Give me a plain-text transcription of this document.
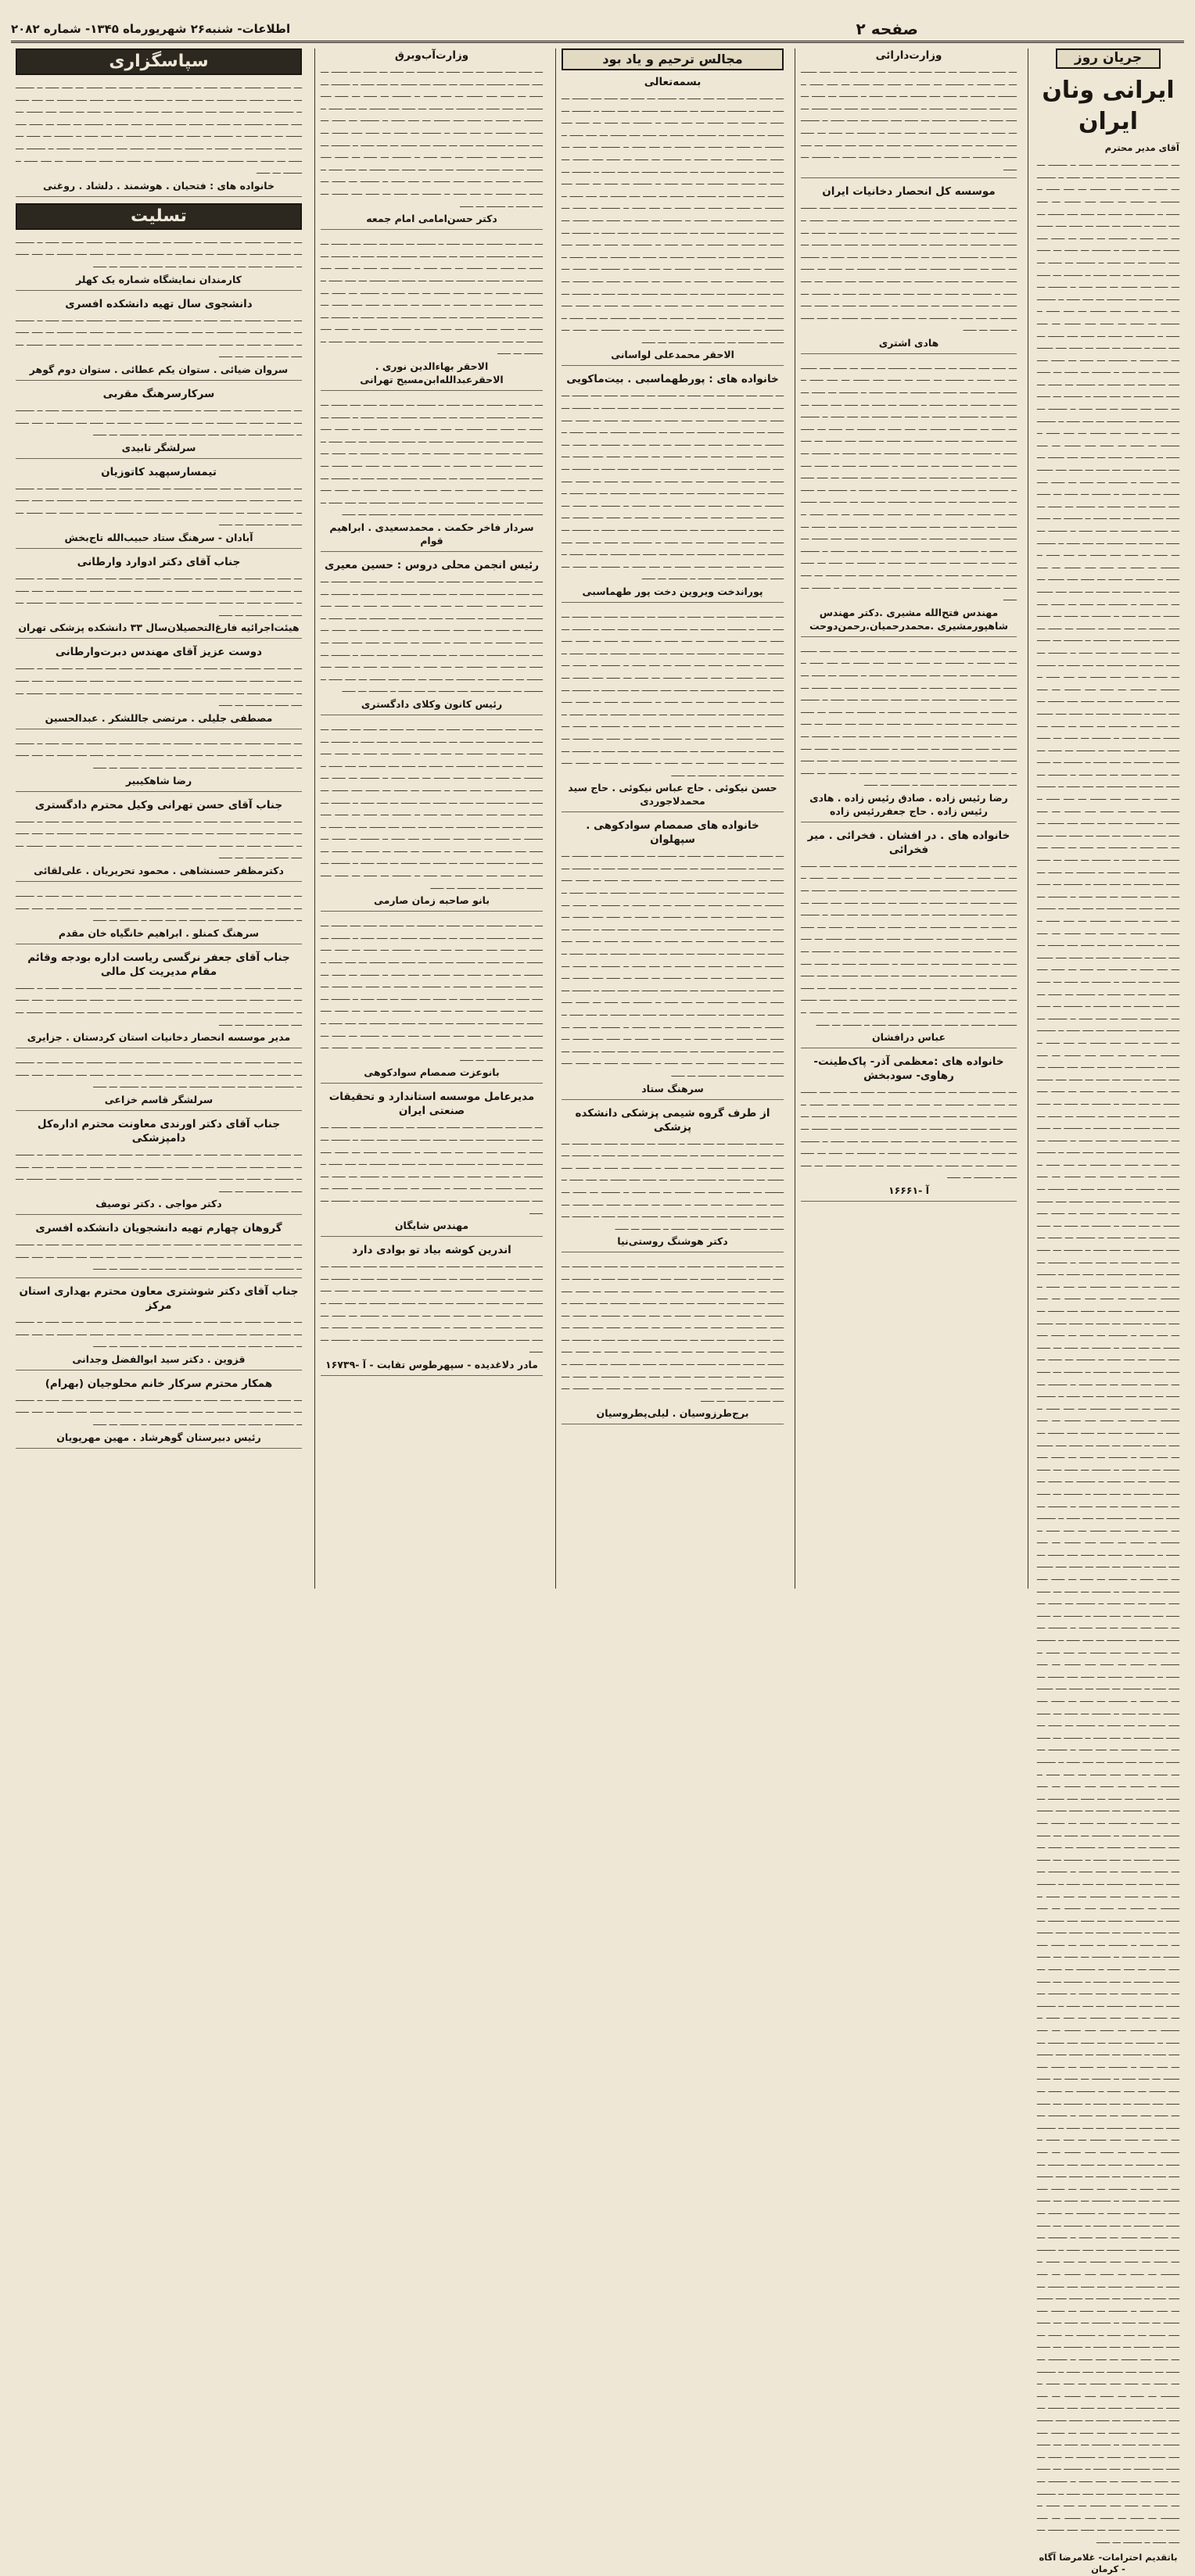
صفحه ۲
اطلاعات- شنبه۲۶ شهریورماه ۱۳۴۵- شماره ۲۰۸۲
جریان روز
ایرانی ونان ایران
آقای مدیر محترم
ـــ ـــــ ــــ ــــــ ـــ ــــ ـــــ ــ ـــــــ ـــ ـــــ ـــ ـــــ ــــ ــــــ ـــ ــــ ـــــ ــ ـــــــ ـــ ـــــ ـــ ـــــ ــــ ــــــ ـــ ــــ ـــــ ــ ـــــــ ـــ ـــــ ـــ ـــــ ــــ ــــــ ـــ ــــ ـــــ ــ ـــــــ ـــ ـــــ ـــ ـــــ ــــ ــــــ ـــ ــــ ـــــ ــ ـــــــ ـــ ـــــ ـــ ـــــ ــــ ــــــ ـــ ــــ ـــــ ــ ـــــــ ـــ ـــــ ـــ ـــــ ــــ ــــــ ـــ ــــ ـــــ ــ ـــــــ ـــ ـــــ ـــ ـــــ ــــ ــــــ ـــ ــــ ـــــ ــ ـــــــ ـــ ـــــ ـــ ـــــ ــــ ــــــ ـــ ــــ ـــــ ــ ـــــــ ـــ ـــــ ـــ ـــــ ــــ ــــــ ـــ ــــ ـــــ ــ ـــــــ ـــ ـــــ ـــ ـــــ ــــ ــــــ ـــ ــــ ـــــ ــ ـــــــ ـــ ـــــ ـــ ـــــ ــــ ــــــ ـــ ــــ ـــــ ــ ـــــــ ـــ ـــــ ـــ ـــــ ــــ ــــــ ـــ ــــ ـــــ ــ ـــــــ ـــ ـــــ ـــ ـــــ ــــ ــــــ ـــ ــــ ـــــ ــ ـــــــ ـــ ـــــ ـــ ـــــ ــــ ــــــ ـــ ــــ ـــــ ــ ـــــــ ـــ ـــــ ـــ ـــــ ــــ ــــــ ـــ ــــ ـــــ ــ ـــــــ ـــ ـــــ ـــ ـــــ ــــ ــــــ ـــ ــــ ـــــ ــ ـــــــ ـــ ـــــ ـــ ـــــ ــــ ــــــ ـــ ــــ ـــــ ــ ـــــــ ـــ ـــــ ـــ ـــــ ــــ ــــــ ـــ ــــ ـــــ ــ ـــــــ ـــ ـــــ ـــ ـــــ ــــ ــــــ ـــ ــــ ـــــ ــ ـــــــ ـــ ـــــ ـــ ـــــ ــــ ــــــ ـــ ــــ ـــــ ــ ـــــــ ـــ ـــــ ـــ ـــــ ــــ ــــــ ـــ ــــ ـــــ ــ ـــــــ ـــ ـــــ ـــ ـــــ ــــ ــــــ ـــ ــــ ـــــ ــ ـــــــ ـــ ـــــ ـــ ـــــ ــــ ــــــ ـــ ــــ ـــــ ــ ـــــــ ـــ ـــــ ـــ ـــــ ــــ ــــــ ـــ ــــ ـــــ ــ ـــــــ ـــ ـــــ ـــ ـــــ ــــ ــــــ ـــ ــــ ـــــ ــ ـــــــ ـــ ـــــ ـــ ـــــ ــــ ــــــ ـــ ــــ ـــــ ــ ـــــــ ـــ ـــــ ـــ ـــــ ــــ ــــــ ـــ ــــ ـــــ ــ ـــــــ ـــ ـــــ ـــ ـــــ ــــ ــــــ ـــ ــــ ـــــ ــ ـــــــ ـــ ـــــ ـــ ـــــ ــــ ــــــ ـــ ــــ ـــــ ــ ـــــــ ـــ ـــــ ـــ ـــــ ــــ ــــــ ـــ ــــ ـــــ ــ ـــــــ ـــ ـــــ ـــ ـــــ ــــ ــــــ ـــ ــــ ـــــ ــ ـــــــ ـــ ـــــ ـــ ـــــ ــــ ــــــ ـــ ــــ ـــــ ــ ـــــــ ـــ ـــــ ـــ ـــــ ــــ ــــــ ـــ ــــ ـــــ ــ ـــــــ ـــ ـــــ ـــ ـــــ ــــ ــــــ ـــ ــــ ـــــ ــ ـــــــ ـــ ـــــ ـــ ـــــ ــــ ــــــ ـــ ــــ ـــــ ــ ـــــــ ـــ ـــــ ـــ ـــــ ــــ ــــــ ـــ ــــ ـــــ ــ ـــــــ ـــ ـــــ ـــ ـــــ ــــ ــــــ ـــ ــــ ـــــ ــ ـــــــ ـــ ـــــ ـــ ـــــ ــــ ــــــ ـــ ــــ ـــــ ــ ـــــــ ـــ ـــــ ـــ ـــــ ــــ ــــــ ـــ ــــ ـــــ ــ ـــــــ ـــ ـــــ ـــ ـــــ ــــ ــــــ ـــ ــــ ـــــ ــ ـــــــ ـــ ـــــ ـــ ـــــ ــــ ــــــ ـــ ــــ ـــــ ــ ـــــــ ـــ ـــــ ـــ ـــــ ــــ ــــــ ـــ ــــ ـــــ ــ ـــــــ ـــ ـــــ ـــ ـــــ ــــ ــــــ ـــ ــــ ـــــ ــ ـــــــ ـــ ـــــ ـــ ـــــ ــــ ــــــ ـــ ــــ ـــــ ــ ـــــــ ـــ ـــــ ـــ ـــــ ــــ ــــــ ـــ ــــ ـــــ ــ ـــــــ ـــ ـــــ ـــ ـــــ ــــ ــــــ ـــ ــــ ـــــ ــ ـــــــ ـــ ـــــ ـــ ـــــ ــــ ــــــ ـــ ــــ ـــــ ــ ـــــــ ـــ ـــــ ـــ ـــــ ــــ ــــــ ـــ ــــ ـــــ ــ ـــــــ ـــ ـــــ ـــ ـــــ ــــ ــــــ ـــ ــــ ـــــ ــ ـــــــ ـــ ـــــ ـــ ـــــ ــــ ــــــ ـــ ــــ ـــــ ــ ـــــــ ـــ ـــــ ـــ ـــــ ــــ ــــــ ـــ ــــ ـــــ ــ ـــــــ ـــ ـــــ ـــ ـــــ ــــ ــــــ ـــ ــــ ـــــ ــ ـــــــ ـــ ـــــ ـــ ـــــ ــــ ــــــ ـــ ــــ ـــــ ــ ـــــــ ـــ ـــــ ـــ ـــــ ــــ ــــــ ـــ ــــ ـــــ ــ ـــــــ ـــ ـــــ ـــ ـــــ ــــ ــــــ ـــ ــــ ـــــ ــ ـــــــ ـــ ـــــ ـــ ـــــ ــــ ــــــ ـــ ــــ ـــــ ــ ـــــــ ـــ ـــــ ـــ ـــــ ــــ ــــــ ـــ ــــ ـــــ ــ ـــــــ ـــ ـــــ ـــ ـــــ ــــ ــــــ ـــ ــــ ـــــ ــ ـــــــ ـــ ـــــ ـــ ـــــ ــــ ــــــ ـــ ــــ ـــــ ــ ـــــــ ـــ ـــــ ـــ ـــــ ــــ ــــــ ـــ ــــ ـــــ ــ ـــــــ ـــ ـــــ ـــ ـــــ ــــ ــــــ ـــ ــــ ـــــ ــ ـــــــ ـــ ـــــ ـــ ـــــ ــــ ــــــ ـــ ــــ ـــــ ــ ـــــــ ـــ ـــــ ـــ ـــــ ــــ ــــــ ـــ ــــ ـــــ ــ ـــــــ ـــ ـــــ ـــ ـــــ ــــ ــــــ ـــ ــــ ـــــ ــ ـــــــ ـــ ـــــ ـــ ـــــ ــــ ــــــ ـــ ــــ ـــــ ــ ـــــــ ـــ ـــــ ـــ ـــــ ــــ ــــــ ـــ ــــ ـــــ ــ ـــــــ ـــ ـــــ ـــ ـــــ ــــ ــــــ ـــ ــــ ـــــ ــ ـــــــ ـــ ـــــ ـــ ـــــ ــــ ــــــ ـــ ــــ ـــــ ــ ـــــــ ـــ ـــــ ـــ ـــــ ــــ ــــــ ـــ ــــ ـــــ ــ ـــــــ ـــ ـــــ ـــ ـــــ ــــ ــــــ ـــ ــــ ـــــ ــ ـــــــ ـــ ـــــ ـــ ـــــ ــــ ــــــ ـــ ــــ ـــــ ــ ـــــــ ـــ ـــــ ـــ ـــــ ــــ ــــــ ـــ ــــ ـــــ ــ ـــــــ ـــ ـــــ ـــ ـــــ ــــ ــــــ ـــ ــــ ـــــ ــ ـــــــ ـــ ـــــ ـــ ـــــ ــــ ــــــ ـــ ــــ ـــــ ــ ـــــــ ـــ ـــــ ـــ ـــــ ــــ ــــــ ـــ ــــ ـــــ ــ ـــــــ ـــ ـــــ ـــ ـــــ ــــ ــــــ ـــ ــــ ـــــ ــ ـــــــ ـــ ـــــ ـــ ـــــ ــــ ــــــ ـــ ــــ ـــــ ــ ـــــــ ـــ ـــــ ـــ ـــــ ــــ ــــــ ـــ ــــ ـــــ ــ ـــــــ ـــ ـــــ ـــ ـــــ ــــ ــــــ ـــ ــــ ـــــ ــ ـــــــ ـــ ـــــ ـــ ـــــ ــــ ــــــ ـــ ــــ ـــــ ــ ـــــــ ـــ ـــــ ـــ ـــــ ــــ ــــــ ـــ ــــ ـــــ ــ ـــــــ ـــ ـــــ ـــ ـــــ ــــ ــــــ ـــ ــــ ـــــ ــ ـــــــ ـــ ـــــ ـــ ـــــ ــــ ــــــ ـــ ــــ ـــــ ــ ـــــــ ـــ ـــــ ـــ ـــــ ــــ ــــــ ـــ ــــ ـــــ ــ ـــــــ ـــ ـــــ ـــ ـــــ ــــ ــــــ ـــ ــــ ـــــ ــ ـــــــ ـــ ـــــ ـــ ـــــ ــــ ــــــ ـــ ــــ ـــــ ــ ـــــــ ـــ ـــــ ـــ ـــــ ــــ ــــــ ـــ ــــ ـــــ ــ ـــــــ ـــ ـــــ ـــ ـــــ ــــ ــــــ ـــ ــــ ـــــ ــ ـــــــ ـــ ـــــ ـــ ـــــ ــــ ــــــ ـــ ــــ ـــــ ــ ـــــــ ـــ ـــــ ـــ ـــــ ــــ ــــــ ـــ ــــ ـــــ ــ ـــــــ ـــ ـــــ ـــ ـــــ ــــ ــــــ ـــ ــــ ـــــ ــ ـــــــ ـــ ـــــ ـــ ـــــ ــــ ــــــ ـــ ــــ ـــــ ــ ـــــــ ـــ ـــــ ـــ ـــــ ــــ ــــــ ـــ ــــ ـــــ ــ ـــــــ ـــ ـــــ ـــ ـــــ ــــ ــــــ ـــ ــــ ـــــ ــ ـــــــ ـــ ـــــ ـــ ـــــ ــــ ــــــ ـــ ــــ ـــــ ــ ـــــــ ـــ ـــــ ـــ ـــــ ــــ ــــــ ـــ ــــ ـــــ ــ ـــــــ ـــ ـــــ ـــ ـــــ ــــ ــــــ ـــ ــــ ـــــ ــ ـــــــ ـــ ـــــ ـــ ـــــ ــــ ــــــ ـــ ــــ ـــــ ــ ـــــــ ـــ ـــــ ـــ ـــــ ــــ ــــــ ـــ ــــ ـــــ ــ ـــــــ ـــ ـــــ ـــ ـــــ ــــ ــــــ ـــ ــــ ـــــ ــ ـــــــ ـــ ـــــ ـــ ـــــ ــــ ــــــ ـــ ــــ ـــــ ــ ـــــــ ـــ ـــــ ـــ ـــــ ــــ ــــــ ـــ ــــ ـــــ ــ ـــــــ ـــ ـــــ ـــ ـــــ ــــ ــــــ ـــ ــــ ـــــ ــ ـــــــ ـــ ـــــ ـــ ـــــ ــــ ــــــ ـــ ــــ ـــــ ــ ـــــــ ـــ ـــــ ـــ ـــــ ــــ ــــــ ـــ ــــ ـــــ ــ ـــــــ ـــ ـــــ ـــ ـــــ ــــ ــــــ ـــ ــــ ـــــ ــ ـــــــ ـــ ـــــ ـــ ـــــ ــــ ــــــ ـــ ــــ ـــــ ــ ـــــــ ـــ ـــــ ـــ ـــــ ــــ ــــــ ـــ ــــ ـــــ ــ ـــــــ ـــ ـــــ ـــ ـــــ ــــ ــــــ ـــ ــــ ـــــ ــ ـــــــ ـــ ـــــ ـــ ـــــ ــــ ــــــ ـــ ــــ ـــــ ــ ـــــــ ـــ ـــــ ـــ ـــــ ــــ ــــــ ـــ ــــ ـــــ ــ ـــــــ ـــ ـــــ ـــ ـــــ ــــ ــــــ ـــ ــــ ـــــ ــ ـــــــ ـــ ـــــ ـــ ـــــ ــــ ــــــ ـــ ــــ ـــــ ــ ـــــــ ـــ ـــــ ـــ ـــــ ــــ ــــــ ـــ ــــ ـــــ ــ ـــــــ ـــ ـــــ ـــ ـــــ ــــ ــــــ ـــ ــــ ـــــ ــ ـــــــ ـــ ـــــ ـــ ـــــ ــــ ــــــ ـــ ــــ ـــــ ــ ـــــــ ـــ ـــــ ـــ ـــــ ــــ ــــــ ـــ ــــ ـــــ ــ ـــــــ ـــ ـــــ ـــ ـــــ ــــ ــــــ ـــ ــــ ـــــ ــ ـــــــ ـــ ـــــ ـــ ـــــ ــــ ــــــ ـــ ــــ ـــــ ــ ـــــــ ـــ ـــــ ـــ ـــــ ــــ ــــــ ـــ ــــ ـــــ ــ ـــــــ ـــ ـــــ ـــ ـــــ ــــ ــــــ ـــ ــــ ـــــ ــ ـــــــ ـــ ـــــ ـــ ـــــ ــــ ــــــ ـــ ــــ ـــــ ــ ـــــــ ـــ ـــــ ـــ ـــــ ــــ ــــــ ـــ ــــ ـــــ ــ ـــــــ ـــ ـــــ ـــ ـــــ ــــ ــــــ ـــ ــــ ـــــ ــ ـــــــ ـــ ـــــ ـــ ـــــ ــــ ــــــ ـــ ــــ ـــــ ــ ـــــــ ـــ ـــــ ـــ ـــــ ــــ ــــــ ـــ ــــ ـــــ ــ ـــــــ ـــ ـــــ ـــ ـــــ ــــ ــــــ ـــ ــــ ـــــ ــ ـــــــ ـــ ـــــ ـــ ـــــ ــــ ــــــ ـــ ــــ ـــــ ــ ـــــــ ـــ ـــــ ـــ ـــــ ــــ ــــــ ـــ ــــ ـــــ ــ ـــــــ ـــ ـــــ ـــ ـــــ ــــ ــــــ ـــ ــــ ـــــ ــ ـــــــ ـــ ـــــ ـــ ـــــ ــــ ــــــ ـــ ــــ ـــــ ــ ـــــــ ـــ ـــــ ـــ ـــــ ــــ ــــــ ـــ ــــ ـــــ ــ ـــــــ ـــ ـــــ ـــ ـــــ ــــ ــــــ ـــ ــــ ـــــ ــ ـــــــ ـــ ـــــ ـــ ـــــ ــــ ــــــ ـــ ــــ ـــــ ــ ـــــــ ـــ ـــــ ـــ ـــــ ــــ ــــــ ـــ ــــ ـــــ ــ ـــــــ ـــ ـــــ ـــ ـــــ ــــ ــــــ ـــ ــــ ـــــ ــ ـــــــ ـــ ـــــ ـــ ـــــ ــــ ــــــ ـــ ــــ ـــــ ــ ـــــــ ـــ ـــــ ـــ ـــــ ــــ ــــــ ـــ ــــ ـــــ ــ ـــــــ ـــ ـــــ ـــ ـــــ ــــ ــــــ ـــ ــــ ـــــ ــ ـــــــ ـــ ـــــ ـــ ـــــ ــــ ــــــ ـــ ــــ ـــــ ــ ـــــــ ـــ ـــــ ـــ ـــــ ــــ ــــــ ـــ ــــ ـــــ ــ ـــــــ ـــ ـــــ ـــ ـــــ ــــ ــــــ ـــ ــــ ـــــ ــ ـــــــ ـــ ـــــ ـــ ـــــ ــــ ــــــ ـــ ــــ ـــــ ــ ـــــــ ـــ ـــــ ـــ ـــــ ــــ ــــــ ـــ ــــ ـــــ ــ ـــــــ ـــ ـــــ ـــ ـــــ ــــ ــــــ ـــ ــــ ـــــ ــ ـــــــ ـــ ـــــ ـــ ـــــ ــــ ــــــ ـــ ــــ ـــــ ــ ـــــــ ـــ ـــــ ـــ ـــــ ــــ ــــــ ـــ ــــ ـــــ ــ ـــــــ ـــ ـــــ ـــ ـــــ ــــ ــــــ ـــ ــــ ـــــ ــ ـــــــ ـــ ـــــ ـــ ـــــ ــــ ــــــ ـــ ــــ ـــــ ــ ـــــــ ـــ ـــــ ـــ ـــــ ــــ ــــــ ـــ ــــ ـــــ ــ ـــــــ ـــ ـــــ ـــ ـــــ ــــ ــــــ ـــ ــــ ـــــ ــ ـــــــ ـــ ـــــ ـــ ـــــ ــــ ــــــ ـــ ــــ ـــــ ــ ـــــــ ـــ ـــــ ـــ ـــــ ــــ ــــــ ـــ ــــ ـــــ ــ ـــــــ ـــ ـــــ ـــ ـــــ ــــ ــــــ ـــ ــــ ـــــ ــ ـــــــ ـــ ـــــ ـــ ـــــ ــــ ــــــ ـــ ــــ ـــــ ــ ـــــــ ـــ ـــــ ـــ ـــــ ــــ ــــــ ـــ ــــ ـــــ ــ ـــــــ ـــ ـــــ ـــ ـــــ ــــ ــــــ ـــ ــــ ـــــ ــ ـــــــ ـــ ـــــ ـــ ـــــ ــــ ــــــ ـــ ــــ ـــــ ــ ـــــــ ـــ ـــــ ـــ ـــــ ــــ ــــــ ـــ ــــ ـــــ ــ ـــــــ ـــ ـــــ ـــ ـــــ ــــ ــــــ ـــ ــــ ـــــ ــ ـــــــ ـــ ـــــ ـــ ـــــ ــــ ــــــ ـــ ــــ ـــــ ــ ـــــــ ـــ ـــــ ـــ ـــــ ــــ ــــــ ـــ ــــ ـــــ ــ ـــــــ ـــ ـــــ ـــ ـــــ ــــ ــــــ ـــ ــــ ـــــ ــ ـــــــ ـــ ـــــ ـــ ـــــ ــــ ــــــ ـــ ــــ ـــــ ــ ـــــــ ـــ ـــــ ـــ ـــــ ــــ ــــــ ـــ ــــ ـــــ ــ ـــــــ ـــ ـــــ ـــ ـــــ ــــ ــــــ ـــ ــــ ـــــ ــ ـــــــ ـــ ـــــ ـــ ـــــ ــــ ــــــ ـــ ــــ ـــــ ــ ـــــــ ـــ ـــــ ـــ ـــــ ــــ ــــــ ـــ ــــ ـــــ ــ ـــــــ ـــ ـــــ ـــ ـــــ ــــ ــــــ ـــ ــــ ـــــ ــ ـــــــ ـــ ـــــ ـــ ـــــ ــــ ــــــ ـــ ــــ ـــــ ــ ـــــــ ـــ ـــــ ـــ ـــــ ــــ ــــــ ـــ ــــ ـــــ ــ ـــــــ ـــ ـــــ ـــ ـــــ ــــ ــــــ ـــ ــــ ـــــ ــ ـــــــ ـــ ـــــ ـــ ـــــ ــــ ــــــ ـــ ــــ ـــــ ــ ـــــــ ـــ ـــــ ـــ ـــــ ــــ ــــــ ـــ ــــ ـــــ ــ ـــــــ ـــ ـــــ ـــ ـــــ ــــ ــــــ ـــ ــــ ـــــ ــ ـــــــ ـــ ـــــ
باتقدیم احترامات- غلامرضا آگاه - کرمان
وزارت‌دارائی
ـــ ـــــ ــــ ــــــ ـــ ــــ ـــــ ــ ـــــــ ـــ ـــــ ـــ ـــــ ــــ ــــــ ـــ ــــ ـــــ ــ ـــــــ ـــ ـــــ ـــ ـــــ ــــ ــــــ ـــ ــــ ـــــ ــ ـــــــ ـــ ـــــ ـــ ـــــ ــــ ــــــ ـــ ــــ ـــــ ــ ـــــــ ـــ ـــــ ـــ ـــــ ــــ ــــــ ـــ ــــ ـــــ ــ ـــــــ ـــ ـــــ ـــ ـــــ ــــ ــــــ ـــ ــــ ـــــ ــ ـــــــ ـــ ـــــ ـــ ـــــ ــــ ــــــ ـــ ــــ ـــــ ــ ـــــــ ـــ ـــــ ـــ ـــــ ــــ ــــــ ـــ ــــ ـــــ ــ ـــــــ ـــ ـــــ ـــ ـــــ ــــ ــــــ ـــ ــــ ـــــ ــ ـــــــ ـــ ـــــ ـــ ـــــ ــــ ــــــ ـــ ــــ ـــــ ــ ـــــــ ـــ ـــــ ـــ ـــــ ــــ ــــــ ـــ ــــ ـــــ ــ ـــــــ ـــ ـــــ
موسسه کل انحصار دخانیات ایران
ـــ ـــــ ــــ ــــــ ـــ ــــ ـــــ ــ ـــــــ ـــ ـــــ ـــ ـــــ ــــ ــــــ ـــ ــــ ـــــ ــ ـــــــ ـــ ـــــ ـــ ـــــ ــــ ــــــ ـــ ــــ ـــــ ــ ـــــــ ـــ ـــــ ـــ ـــــ ــــ ــــــ ـــ ــــ ـــــ ــ ـــــــ ـــ ـــــ ـــ ـــــ ــــ ــــــ ـــ ــــ ـــــ ــ ـــــــ ـــ ـــــ ـــ ـــــ ــــ ــــــ ـــ ــــ ـــــ ــ ـــــــ ـــ ـــــ ـــ ـــــ ــــ ــــــ ـــ ــــ ـــــ ــ ـــــــ ـــ ـــــ ـــ ـــــ ــــ ــــــ ـــ ــــ ـــــ ــ ـــــــ ـــ ـــــ ـــ ـــــ ــــ ــــــ ـــ ــــ ـــــ ــ ـــــــ ـــ ـــــ ـــ ـــــ ــــ ــــــ ـــ ــــ ـــــ ــ ـــــــ ـــ ـــــ ـــ ـــــ ــــ ــــــ ـــ ــــ ـــــ ــ ـــــــ ـــ ـــــ ـــ ـــــ ــــ ــــــ ـــ ــــ ـــــ ــ ـــــــ ـــ ـــــ ـــ ـــــ ــــ ــــــ ـــ ــــ ـــــ ــ ـــــــ ـــ ـــــ ـــ ـــــ ــــ ــــــ ـــ ــــ ـــــ ــ ـــــــ ـــ ـــــ
هادی اشتری
ـــ ـــــ ــــ ــــــ ـــ ــــ ـــــ ــ ـــــــ ـــ ـــــ ـــ ـــــ ــــ ــــــ ـــ ــــ ـــــ ــ ـــــــ ـــ ـــــ ـــ ـــــ ــــ ــــــ ـــ ــــ ـــــ ــ ـــــــ ـــ ـــــ ـــ ـــــ ــــ ــــــ ـــ ــــ ـــــ ــ ـــــــ ـــ ـــــ ـــ ـــــ ــــ ــــــ ـــ ــــ ـــــ ــ ـــــــ ـــ ـــــ ـــ ـــــ ــــ ــــــ ـــ ــــ ـــــ ــ ـــــــ ـــ ـــــ ـــ ـــــ ــــ ــــــ ـــ ــــ ـــــ ــ ـــــــ ـــ ـــــ ـــ ـــــ ــــ ــــــ ـــ ــــ ـــــ ــ ـــــــ ـــ ـــــ ـــ ـــــ ــــ ــــــ ـــ ــــ ـــــ ــ ـــــــ ـــ ـــــ ـــ ـــــ ــــ ــــــ ـــ ــــ ـــــ ــ ـــــــ ـــ ـــــ ـــ ـــــ ــــ ــــــ ـــ ــــ ـــــ ــ ـــــــ ـــ ـــــ ـــ ـــــ ــــ ــــــ ـــ ــــ ـــــ ــ ـــــــ ـــ ـــــ ـــ ـــــ ــــ ــــــ ـــ ــــ ـــــ ــ ـــــــ ـــ ـــــ ـــ ـــــ ــــ ــــــ ـــ ــــ ـــــ ــ ـــــــ ـــ ـــــ ـــ ـــــ ــــ ــــــ ـــ ــــ ـــــ ــ ـــــــ ـــ ـــــ ـــ ـــــ ــــ ــــــ ـــ ــــ ـــــ ــ ـــــــ ـــ ـــــ ـــ ـــــ ــــ ــــــ ـــ ــــ ـــــ ــ ـــــــ ـــ ـــــ ـــ ـــــ ــــ ــــــ ـــ ــــ ـــــ ــ ـــــــ ـــ ـــــ ـــ ـــــ ــــ ــــــ ـــ ــــ ـــــ ــ ـــــــ ـــ ـــــ ـــ ـــــ ــــ ــــــ ـــ ــــ ـــــ ــ ـــــــ ـــ ـــــ ـــ ـــــ ــــ ــــــ ـــ ــــ ـــــ ــ ـــــــ ـــ ـــــ ـــ ـــــ ــــ ــــــ ـــ ــــ ـــــ ــ ـــــــ ـــ ـــــ ـــ ـــــ ــــ ــــــ ـــ ــــ ـــــ ــ ـــــــ ـــ ـــــ ـــ ـــــ ــــ ــــــ ـــ ــــ ـــــ ــ ـــــــ ـــ ـــــ ـــ ـــــ ــــ ــــــ ـــ ــــ ـــــ ــ ـــــــ ـــ ـــــ ـــ ـــــ ــــ ــــــ ـــ ــــ ـــــ ــ ـــــــ ـــ ـــــ
مهندس فتح‌الله مشیری .دکتر مهندس شاهپورمشیری .محمدرحمیان.رحمن‌دوحت
ـــ ـــــ ــــ ــــــ ـــ ــــ ـــــ ــ ـــــــ ـــ ـــــ ـــ ـــــ ــــ ــــــ ـــ ــــ ـــــ ــ ـــــــ ـــ ـــــ ـــ ـــــ ــــ ــــــ ـــ ــــ ـــــ ــ ـــــــ ـــ ـــــ ـــ ـــــ ــــ ــــــ ـــ ــــ ـــــ ــ ـــــــ ـــ ـــــ ـــ ـــــ ــــ ــــــ ـــ ــــ ـــــ ــ ـــــــ ـــ ـــــ ـــ ـــــ ــــ ــــــ ـــ ــــ ـــــ ــ ـــــــ ـــ ـــــ ـــ ـــــ ــــ ــــــ ـــ ــــ ـــــ ــ ـــــــ ـــ ـــــ ـــ ـــــ ــــ ــــــ ـــ ــــ ـــــ ــ ـــــــ ـــ ـــــ ـــ ـــــ ــــ ــــــ ـــ ــــ ـــــ ــ ـــــــ ـــ ـــــ ـــ ـــــ ــــ ــــــ ـــ ــــ ـــــ ــ ـــــــ ـــ ـــــ ـــ ـــــ ــــ ــــــ ـــ ــــ ـــــ ــ ـــــــ ـــ ـــــ ـــ ـــــ ــــ ــــــ ـــ ــــ ـــــ ــ ـــــــ ـــ ـــــ ـــ ـــــ ــــ ــــــ ـــ ــــ ـــــ ــ ـــــــ ـــ ـــــ ـــ ـــــ ــــ ــــــ ـــ ــــ ـــــ ــ ـــــــ ـــ ـــــ ـــ ـــــ ــــ ــــــ ـــ ــــ ـــــ ــ ـــــــ ـــ ـــــ ـــ ـــــ ــــ ــــــ ـــ ــــ ـــــ ــ ـــــــ ـــ ـــــ
رضا رئیس زاده . صادق رئیس زاده . هادی رئیس زاده . حاج جعفررئیس زاده
خانواده های . در افشان . فخرائی . میر فخرائی
ـــ ـــــ ــــ ــــــ ـــ ــــ ـــــ ــ ـــــــ ـــ ـــــ ـــ ـــــ ــــ ــــــ ـــ ــــ ـــــ ــ ـــــــ ـــ ـــــ ـــ ـــــ ــــ ــــــ ـــ ــــ ـــــ ــ ـــــــ ـــ ـــــ ـــ ـــــ ــــ ــــــ ـــ ــــ ـــــ ــ ـــــــ ـــ ـــــ ـــ ـــــ ــــ ــــــ ـــ ــــ ـــــ ــ ـــــــ ـــ ـــــ ـــ ـــــ ــــ ــــــ ـــ ــــ ـــــ ــ ـــــــ ـــ ـــــ ـــ ـــــ ــــ ــــــ ـــ ــــ ـــــ ــ ـــــــ ـــ ـــــ ـــ ـــــ ــــ ــــــ ـــ ــــ ـــــ ــ ـــــــ ـــ ـــــ ـــ ـــــ ــــ ــــــ ـــ ــــ ـــــ ــ ـــــــ ـــ ـــــ ـــ ـــــ ــــ ــــــ ـــ ــــ ـــــ ــ ـــــــ ـــ ـــــ ـــ ـــــ ــــ ــــــ ـــ ــــ ـــــ ــ ـــــــ ـــ ـــــ ـــ ـــــ ــــ ــــــ ـــ ــــ ـــــ ــ ـــــــ ـــ ـــــ ـــ ـــــ ــــ ــــــ ـــ ــــ ـــــ ــ ـــــــ ـــ ـــــ ـــ ـــــ ــــ ــــــ ـــ ــــ ـــــ ــ ـــــــ ـــ ـــــ ـــ ـــــ ــــ ــــــ ـــ ــــ ـــــ ــ ـــــــ ـــ ـــــ ـــ ـــــ ــــ ــــــ ـــ ــــ ـــــ ــ ـــــــ ـــ ـــــ ـــ ـــــ ــــ ــــــ ـــ ــــ ـــــ ــ ـــــــ ـــ ـــــ ـــ ـــــ ــــ ــــــ ـــ ــــ ـــــ ــ ـــــــ ـــ ـــــ ـــ ـــــ ــــ ــــــ ـــ ــــ ـــــ ــ ـــــــ ـــ ـــــ
عباس درافشان
خانواده های :معظمی آذر- پاک‌طینت- رهاوی- سودبخش
ـــ ـــــ ــــ ــــــ ـــ ــــ ـــــ ــ ـــــــ ـــ ـــــ ـــ ـــــ ــــ ــــــ ـــ ــــ ـــــ ــ ـــــــ ـــ ـــــ ـــ ـــــ ــــ ــــــ ـــ ــــ ـــــ ــ ـــــــ ـــ ـــــ ـــ ـــــ ــــ ــــــ ـــ ــــ ـــــ ــ ـــــــ ـــ ـــــ ـــ ـــــ ــــ ــــــ ـــ ــــ ـــــ ــ ـــــــ ـــ ـــــ ـــ ـــــ ــــ ــــــ ـــ ــــ ـــــ ــ ـــــــ ـــ ـــــ ـــ ـــــ ــــ ــــــ ـــ ــــ ـــــ ــ ـــــــ ـــ ـــــ ـــ ـــــ ــــ ــــــ ـــ ــــ ـــــ ــ ـــــــ ـــ ـــــ ـــ ـــــ ــــ ــــــ ـــ ــــ ـــــ ــ ـــــــ ـــ ـــــ ـــ ـــــ ــــ ــــــ ـــ ــــ ـــــ ــ ـــــــ ـــ ـــــ
آ -۱۶۶۶۱
مجالس ترحیم و یاد بود
بسمه‌تعالی
ـــ ـــــ ــــ ــــــ ـــ ــــ ـــــ ــ ـــــــ ـــ ـــــ ـــ ـــــ ــــ ــــــ ـــ ــــ ـــــ ــ ـــــــ ـــ ـــــ ـــ ـــــ ــــ ــــــ ـــ ــــ ـــــ ــ ـــــــ ـــ ـــــ ـــ ـــــ ــــ ــــــ ـــ ــــ ـــــ ــ ـــــــ ـــ ـــــ ـــ ـــــ ــــ ــــــ ـــ ــــ ـــــ ــ ـــــــ ـــ ـــــ ـــ ـــــ ــــ ــــــ ـــ ــــ ـــــ ــ ـــــــ ـــ ـــــ ـــ ـــــ ــــ ــــــ ـــ ــــ ـــــ ــ ـــــــ ـــ ـــــ ـــ ـــــ ــــ ــــــ ـــ ــــ ـــــ ــ ـــــــ ـــ ـــــ ـــ ـــــ ــــ ــــــ ـــ ــــ ـــــ ــ ـــــــ ـــ ـــــ ـــ ـــــ ــــ ــــــ ـــ ــــ ـــــ ــ ـــــــ ـــ ـــــ ـــ ـــــ ــــ ــــــ ـــ ــــ ـــــ ــ ـــــــ ـــ ـــــ ـــ ـــــ ــــ ــــــ ـــ ــــ ـــــ ــ ـــــــ ـــ ـــــ ـــ ـــــ ــــ ــــــ ـــ ــــ ـــــ ــ ـــــــ ـــ ـــــ ـــ ـــــ ــــ ــــــ ـــ ــــ ـــــ ــ ـــــــ ـــ ـــــ ـــ ـــــ ــــ ــــــ ـــ ــــ ـــــ ــ ـــــــ ـــ ـــــ ـــ ـــــ ــــ ــــــ ـــ ــــ ـــــ ــ ـــــــ ـــ ـــــ ـــ ـــــ ــــ ــــــ ـــ ــــ ـــــ ــ ـــــــ ـــ ـــــ ـــ ـــــ ــــ ــــــ ـــ ــــ ـــــ ــ ـــــــ ـــ ـــــ ـــ ـــــ ــــ ــــــ ـــ ــــ ـــــ ــ ـــــــ ـــ ـــــ ـــ ـــــ ــــ ــــــ ـــ ــــ ـــــ ــ ـــــــ ـــ ـــــ ـــ ـــــ ــــ ــــــ ـــ ــــ ـــــ ــ ـــــــ ـــ ـــــ ـــ ـــــ ــــ ــــــ ـــ ــــ ـــــ ــ ـــــــ ـــ ـــــ ـــ ـــــ ــــ ــــــ ـــ ــــ ـــــ ــ ـــــــ ـــ ـــــ ـــ ـــــ ــــ ــــــ ـــ ــــ ـــــ ــ ـــــــ ـــ ـــــ ـــ ـــــ ــــ ــــــ ـــ ــــ ـــــ ــ ـــــــ ـــ ـــــ ـــ ـــــ ــــ ــــــ ـــ ــــ ـــــ ــ ـــــــ ـــ ـــــ ـــ ـــــ ــــ ــــــ ـــ ــــ ـــــ ــ ـــــــ ـــ ـــــ ـــ ـــــ ــــ ــــــ ـــ ــــ ـــــ ــ ـــــــ ـــ ـــــ ـــ ـــــ ــــ ــــــ ـــ ــــ ـــــ ــ ـــــــ ـــ ـــــ
الاحقر محمدعلی لواسانی
خانواده های : پورطهماسبی . بیت‌ماکویی
ـــ ـــــ ــــ ــــــ ـــ ــــ ـــــ ــ ـــــــ ـــ ـــــ ـــ ـــــ ــــ ــــــ ـــ ــــ ـــــ ــ ـــــــ ـــ ـــــ ـــ ـــــ ــــ ــــــ ـــ ــــ ـــــ ــ ـــــــ ـــ ـــــ ـــ ـــــ ــــ ــــــ ـــ ــــ ـــــ ــ ـــــــ ـــ ـــــ ـــ ـــــ ــــ ــــــ ـــ ــــ ـــــ ــ ـــــــ ـــ ـــــ ـــ ـــــ ــــ ــــــ ـــ ــــ ـــــ ــ ـــــــ ـــ ـــــ ـــ ـــــ ــــ ــــــ ـــ ــــ ـــــ ــ ـــــــ ـــ ـــــ ـــ ـــــ ــــ ــــــ ـــ ــــ ـــــ ــ ـــــــ ـــ ـــــ ـــ ـــــ ــــ ــــــ ـــ ــــ ـــــ ــ ـــــــ ـــ ـــــ ـــ ـــــ ــــ ــــــ ـــ ــــ ـــــ ــ ـــــــ ـــ ـــــ ـــ ـــــ ــــ ــــــ ـــ ــــ ـــــ ــ ـــــــ ـــ ـــــ ـــ ـــــ ــــ ــــــ ـــ ــــ ـــــ ــ ـــــــ ـــ ـــــ ـــ ـــــ ــــ ــــــ ـــ ــــ ـــــ ــ ـــــــ ـــ ـــــ ـــ ـــــ ــــ ــــــ ـــ ــــ ـــــ ــ ـــــــ ـــ ـــــ ـــ ـــــ ــــ ــــــ ـــ ــــ ـــــ ــ ـــــــ ـــ ـــــ ـــ ـــــ ــــ ــــــ ـــ ــــ ـــــ ــ ـــــــ ـــ ـــــ ـــ ـــــ ــــ ــــــ ـــ ــــ ـــــ ــ ـــــــ ـــ ـــــ ـــ ـــــ ــــ ــــــ ـــ ــــ ـــــ ــ ـــــــ ـــ ـــــ ـــ ـــــ ــــ ــــــ ـــ ــــ ـــــ ــ ـــــــ ـــ ـــــ ـــ ـــــ ــــ ــــــ ـــ ــــ ـــــ ــ ـــــــ ـــ ـــــ ـــ ـــــ ــــ ــــــ ـــ ــــ ـــــ ــ ـــــــ ـــ ـــــ ـــ ـــــ ــــ ــــــ ـــ ــــ ـــــ ــ ـــــــ ـــ ـــــ
پوراندخت ویروین دخت پور طهماسبی
ـــ ـــــ ــــ ــــــ ـــ ــــ ـــــ ــ ـــــــ ـــ ـــــ ـــ ـــــ ــــ ــــــ ـــ ــــ ـــــ ــ ـــــــ ـــ ـــــ ـــ ـــــ ــــ ــــــ ـــ ــــ ـــــ ــ ـــــــ ـــ ـــــ ـــ ـــــ ــــ ــــــ ـــ ــــ ـــــ ــ ـــــــ ـــ ـــــ ـــ ـــــ ــــ ــــــ ـــ ــــ ـــــ ــ ـــــــ ـــ ـــــ ـــ ـــــ ــــ ــــــ ـــ ــــ ـــــ ــ ـــــــ ـــ ـــــ ـــ ـــــ ــــ ــــــ ـــ ــــ ـــــ ــ ـــــــ ـــ ـــــ ـــ ـــــ ــــ ــــــ ـــ ــــ ـــــ ــ ـــــــ ـــ ـــــ ـــ ـــــ ــــ ــــــ ـــ ــــ ـــــ ــ ـــــــ ـــ ـــــ ـــ ـــــ ــــ ــــــ ـــ ــــ ـــــ ــ ـــــــ ـــ ـــــ ـــ ـــــ ــــ ــــــ ـــ ــــ ـــــ ــ ـــــــ ـــ ـــــ ـــ ـــــ ــــ ــــــ ـــ ــــ ـــــ ــ ـــــــ ـــ ـــــ ـــ ـــــ ــــ ــــــ ـــ ــــ ـــــ ــ ـــــــ ـــ ـــــ ـــ ـــــ ــــ ــــــ ـــ ــــ ـــــ ــ ـــــــ ـــ ـــــ ـــ ـــــ ــــ ــــــ ـــ ــــ ـــــ ــ ـــــــ ـــ ـــــ ـــ ـــــ ــــ ــــــ ـــ ــــ ـــــ ــ ـــــــ ـــ ـــــ ـــ ـــــ ــــ ــــــ ـــ ــــ ـــــ ــ ـــــــ ـــ ـــــ ـــ ـــــ ــــ ــــــ ـــ ــــ ـــــ ــ ـــــــ ـــ ـــــ ـــ ـــــ ــــ ــــــ ـــ ــــ ـــــ ــ ـــــــ ـــ ـــــ
حسن نیکوئی . حاج عباس نیکوئی . حاج سید محمدلاجوردی
خانواده های صمصام سوادکوهی . سپهلوان
ـــ ـــــ ــــ ــــــ ـــ ــــ ـــــ ــ ـــــــ ـــ ـــــ ـــ ـــــ ــــ ــــــ ـــ ــــ ـــــ ــ ـــــــ ـــ ـــــ ـــ ـــــ ــــ ــــــ ـــ ــــ ـــــ ــ ـــــــ ـــ ـــــ ـــ ـــــ ــــ ــــــ ـــ ــــ ـــــ ــ ـــــــ ـــ ـــــ ـــ ـــــ ــــ ــــــ ـــ ــــ ـــــ ــ ـــــــ ـــ ـــــ ـــ ـــــ ــــ ــــــ ـــ ــــ ـــــ ــ ـــــــ ـــ ـــــ ـــ ـــــ ــــ ــــــ ـــ ــــ ـــــ ــ ـــــــ ـــ ـــــ ـــ ـــــ ــــ ــــــ ـــ ــــ ـــــ ــ ـــــــ ـــ ـــــ ـــ ـــــ ــــ ــــــ ـــ ــــ ـــــ ــ ـــــــ ـــ ـــــ ـــ ـــــ ــــ ــــــ ـــ ــــ ـــــ ــ ـــــــ ـــ ـــــ ـــ ـــــ ــــ ــــــ ـــ ــــ ـــــ ــ ـــــــ ـــ ـــــ ـــ ـــــ ــــ ــــــ ـــ ــــ ـــــ ــ ـــــــ ـــ ـــــ ـــ ـــــ ــــ ــــــ ـــ ــــ ـــــ ــ ـــــــ ـــ ـــــ ـــ ـــــ ــــ ــــــ ـــ ــــ ـــــ ــ ـــــــ ـــ ـــــ ـــ ـــــ ــــ ــــــ ـــ ــــ ـــــ ــ ـــــــ ـــ ـــــ ـــ ـــــ ــــ ــــــ ـــ ــــ ـــــ ــ ـــــــ ـــ ـــــ ـــ ـــــ ــــ ــــــ ـــ ــــ ـــــ ــ ـــــــ ـــ ـــــ ـــ ـــــ ــــ ــــــ ـــ ــــ ـــــ ــ ـــــــ ـــ ـــــ ـــ ـــــ ــــ ــــــ ـــ ــــ ـــــ ــ ـــــــ ـــ ـــــ ـــ ـــــ ــــ ــــــ ـــ ــــ ـــــ ــ ـــــــ ـــ ـــــ ـــ ـــــ ــــ ــــــ ـــ ــــ ـــــ ــ ـــــــ ـــ ـــــ ـــ ـــــ ــــ ــــــ ـــ ــــ ـــــ ــ ـــــــ ـــ ـــــ ـــ ـــــ ــــ ــــــ ـــ ــــ ـــــ ــ ـــــــ ـــ ـــــ ـــ ـــــ ــــ ــــــ ـــ ــــ ـــــ ــ ـــــــ ـــ ـــــ ـــ ـــــ ــــ ــــــ ـــ ــــ ـــــ ــ ـــــــ ـــ ـــــ ـــ ـــــ ــــ ــــــ ـــ ــــ ـــــ ــ ـــــــ ـــ ـــــ
سرهنگ ستاد
از طرف گروه شیمی پزشکی دانشکده پزشکی
ـــ ـــــ ــــ ــــــ ـــ ــــ ـــــ ــ ـــــــ ـــ ـــــ ـــ ـــــ ــــ ــــــ ـــ ــــ ـــــ ــ ـــــــ ـــ ـــــ ـــ ـــــ ــــ ــــــ ـــ ــــ ـــــ ــ ـــــــ ـــ ـــــ ـــ ـــــ ــــ ــــــ ـــ ــــ ـــــ ــ ـــــــ ـــ ـــــ ـــ ـــــ ــــ ــــــ ـــ ــــ ـــــ ــ ـــــــ ـــ ـــــ ـــ ـــــ ــــ ــــــ ـــ ــــ ـــــ ــ ـــــــ ـــ ـــــ ـــ ـــــ ــــ ــــــ ـــ ــــ ـــــ ــ ـــــــ ـــ ـــــ ـــ ـــــ ــــ ــــــ ـــ ــــ ـــــ ــ ـــــــ ـــ ـــــ ـــ ـــــ ــــ ــــــ ـــ ــــ ـــــ ــ ـــــــ ـــ ـــــ ـــ ـــــ ــــ ــــــ ـــ ــــ ـــــ ــ ـــــــ ـــ ـــــ ـــ ـــــ ــــ ــــــ ـــ ــــ ـــــ ــ ـــــــ ـــ ـــــ
دکتر هوشنگ روستی‌نیا
ـــ ـــــ ــــ ــــــ ـــ ــــ ـــــ ــ ـــــــ ـــ ـــــ ـــ ـــــ ــــ ــــــ ـــ ــــ ـــــ ــ ـــــــ ـــ ـــــ ـــ ـــــ ــــ ــــــ ـــ ــــ ـــــ ــ ـــــــ ـــ ـــــ ـــ ـــــ ــــ ــــــ ـــ ــــ ـــــ ــ ـــــــ ـــ ـــــ ـــ ـــــ ــــ ــــــ ـــ ــــ ـــــ ــ ـــــــ ـــ ـــــ ـــ ـــــ ــــ ــــــ ـــ ــــ ـــــ ــ ـــــــ ـــ ـــــ ـــ ـــــ ــــ ــــــ ـــ ــــ ـــــ ــ ـــــــ ـــ ـــــ ـــ ـــــ ــــ ــــــ ـــ ــــ ـــــ ــ ـــــــ ـــ ـــــ ـــ ـــــ ــــ ــــــ ـــ ــــ ـــــ ــ ـــــــ ـــ ـــــ ـــ ـــــ ــــ ــــــ ـــ ــــ ـــــ ــ ـــــــ ـــ ـــــ ـــ ـــــ ــــ ــــــ ـــ ــــ ـــــ ــ ـــــــ ـــ ـــــ ـــ ـــــ ــــ ــــــ ـــ ــــ ـــــ ــ ـــــــ ـــ ـــــ ـــ ـــــ ــــ ــــــ ـــ ــــ ـــــ ــ ـــــــ ـــ ـــــ ـــ ـــــ ــــ ــــــ ـــ ــــ ـــــ ــ ـــــــ ـــ ـــــ ـــ ـــــ ــــ ــــــ ـــ ــــ ـــــ ــ ـــــــ ـــ ـــــ ـــ ـــــ ــــ ــــــ ـــ ــــ ـــــ ــ ـــــــ ـــ ـــــ
برج‌طرزوسیان . لیلی‌پطروسیان
وزارت‌آب‌و‌برق
ـــ ـــــ ــــ ــــــ ـــ ــــ ـــــ ــ ـــــــ ـــ ـــــ ـــ ـــــ ــــ ــــــ ـــ ــــ ـــــ ــ ـــــــ ـــ ـــــ ـــ ـــــ ــــ ــــــ ـــ ــــ ـــــ ــ ـــــــ ـــ ـــــ ـــ ـــــ ــــ ــــــ ـــ ــــ ـــــ ــ ـــــــ ـــ ـــــ ـــ ـــــ ــــ ــــــ ـــ ــــ ـــــ ــ ـــــــ ـــ ـــــ ـــ ـــــ ــــ ــــــ ـــ ــــ ـــــ ــ ـــــــ ـــ ـــــ ـــ ـــــ ــــ ــــــ ـــ ــــ ـــــ ــ ـــــــ ـــ ـــــ ـــ ـــــ ــــ ــــــ ـــ ــــ ـــــ ــ ـــــــ ـــ ـــــ ـــ ـــــ ــــ ــــــ ـــ ــــ ـــــ ــ ـــــــ ـــ ـــــ ـــ ـــــ ــــ ــــــ ـــ ــــ ـــــ ــ ـــــــ ـــ ـــــ ـــ ـــــ ــــ ــــــ ـــ ــــ ـــــ ــ ـــــــ ـــ ـــــ ـــ ـــــ ــــ ــــــ ـــ ــــ ـــــ ــ ـــــــ ـــ ـــــ ـــ ـــــ ــــ ــــــ ـــ ــــ ـــــ ــ ـــــــ ـــ ـــــ ـــ ـــــ ــــ ــــــ ـــ ــــ ـــــ ــ ـــــــ ـــ ـــــ ـــ ـــــ ــــ ــــــ ـــ ــــ ـــــ ــ ـــــــ ـــ ـــــ ـــ ـــــ ــــ ــــــ ـــ ــــ ـــــ ــ ـــــــ ـــ ـــــ
دکتر حسن‌امامی امام جمعه
ـــ ـــــ ــــ ــــــ ـــ ــــ ـــــ ــ ـــــــ ـــ ـــــ ـــ ـــــ ــــ ــــــ ـــ ــــ ـــــ ــ ـــــــ ـــ ـــــ ـــ ـــــ ــــ ــــــ ـــ ــــ ـــــ ــ ـــــــ ـــ ـــــ ـــ ـــــ ــــ ــــــ ـــ ــــ ـــــ ــ ـــــــ ـــ ـــــ ـــ ـــــ ــــ ــــــ ـــ ــــ ـــــ ــ ـــــــ ـــ ـــــ ـــ ـــــ ــــ ــــــ ـــ ــــ ـــــ ــ ـــــــ ـــ ـــــ ـــ ـــــ ــــ ــــــ ـــ ــــ ـــــ ــ ـــــــ ـــ ـــــ ـــ ـــــ ــــ ــــــ ـــ ــــ ـــــ ــ ـــــــ ـــ ـــــ ـــ ـــــ ــــ ــــــ ـــ ــــ ـــــ ــ ـــــــ ـــ ـــــ ـــ ـــــ ــــ ــــــ ـــ ــــ ـــــ ــ ـــــــ ـــ ـــــ ـــ ـــــ ــــ ــــــ ـــ ــــ ـــــ ــ ـــــــ ـــ ـــــ ـــ ـــــ ــــ ــــــ ـــ ــــ ـــــ ــ ـــــــ ـــ ـــــ ـــ ـــــ ــــ ــــــ ـــ ــــ ـــــ ــ ـــــــ ـــ ـــــ
الاحقر بهاءالدین نوری . الاحقرعبدالله‌ابن‌مسیح تهرانی
ـــ ـــــ ــــ ــــــ ـــ ــــ ـــــ ــ ـــــــ ـــ ـــــ ـــ ـــــ ــــ ــــــ ـــ ــــ ـــــ ــ ـــــــ ـــ ـــــ ـــ ـــــ ــــ ــــــ ـــ ــــ ـــــ ــ ـــــــ ـــ ـــــ ـــ ـــــ ــــ ــــــ ـــ ــــ ـــــ ــ ـــــــ ـــ ـــــ ـــ ـــــ ــــ ــــــ ـــ ــــ ـــــ ــ ـــــــ ـــ ـــــ ـــ ـــــ ــــ ــــــ ـــ ــــ ـــــ ــ ـــــــ ـــ ـــــ ـــ ـــــ ــــ ــــــ ـــ ــــ ـــــ ــ ـــــــ ـــ ـــــ ـــ ـــــ ــــ ــــــ ـــ ــــ ـــــ ــ ـــــــ ـــ ـــــ ـــ ـــــ ــــ ــــــ ـــ ــــ ـــــ ــ ـــــــ ـــ ـــــ ـــ ـــــ ــــ ــــــ ـــ ــــ ـــــ ــ ـــــــ ـــ ـــــ ـــ ـــــ ــــ ــــــ ـــ ــــ ـــــ ــ ـــــــ ـــ ـــــ ـــ ـــــ ــــ ــــــ ـــ ــــ ـــــ ــ ـــــــ ـــ ـــــ ـــ ـــــ ــــ ــــــ ـــ ــــ ـــــ ــ ـــــــ ـــ ـــــ ـــ ـــــ ــــ ــــــ ـــ ــــ ـــــ ــ ـــــــ ـــ ـــــ
سردار فاخر حکمت . محمدسعیدی . ابراهیم قوام
رئیس انجمن محلی دروس : حسین معیری
ـــ ـــــ ــــ ــــــ ـــ ــــ ـــــ ــ ـــــــ ـــ ـــــ ـــ ـــــ ــــ ــــــ ـــ ــــ ـــــ ــ ـــــــ ـــ ـــــ ـــ ـــــ ــــ ــــــ ـــ ــــ ـــــ ــ ـــــــ ـــ ـــــ ـــ ـــــ ــــ ــــــ ـــ ــــ ـــــ ــ ـــــــ ـــ ـــــ ـــ ـــــ ــــ ــــــ ـــ ــــ ـــــ ــ ـــــــ ـــ ـــــ ـــ ـــــ ــــ ــــــ ـــ ــــ ـــــ ــ ـــــــ ـــ ـــــ ـــ ـــــ ــــ ــــــ ـــ ــــ ـــــ ــ ـــــــ ـــ ـــــ ـــ ـــــ ــــ ــــــ ـــ ــــ ـــــ ــ ـــــــ ـــ ـــــ ـــ ـــــ ــــ ــــــ ـــ ــــ ـــــ ــ ـــــــ ـــ ـــــ ـــ ـــــ ــــ ــــــ ـــ ــــ ـــــ ــ ـــــــ ـــ ـــــ ـــ ـــــ ــــ ــــــ ـــ ــــ ـــــ ــ ـــــــ ـــ ـــــ ـــ ـــــ ــــ ــــــ ـــ ــــ ـــــ ــ ـــــــ ـــ ـــــ ـــ ـــــ ــــ ــــــ ـــ ــــ ـــــ ــ ـــــــ ـــ ـــــ ـــ ـــــ ــــ ــــــ ـــ ــــ ـــــ ــ ـــــــ ـــ ـــــ
رئیس کانون وکلای دادگستری
ـــ ـــــ ــــ ــــــ ـــ ــــ ـــــ ــ ـــــــ ـــ ـــــ ـــ ـــــ ــــ ــــــ ـــ ــــ ـــــ ــ ـــــــ ـــ ـــــ ـــ ـــــ ــــ ــــــ ـــ ــــ ـــــ ــ ـــــــ ـــ ـــــ ـــ ـــــ ــــ ــــــ ـــ ــــ ـــــ ــ ـــــــ ـــ ـــــ ـــ ـــــ ــــ ــــــ ـــ ــــ ـــــ ــ ـــــــ ـــ ـــــ ـــ ـــــ ــــ ــــــ ـــ ــــ ـــــ ــ ـــــــ ـــ ـــــ ـــ ـــــ ــــ ــــــ ـــ ــــ ـــــ ــ ـــــــ ـــ ـــــ ـــ ـــــ ــــ ــــــ ـــ ــــ ـــــ ــ ـــــــ ـــ ـــــ ـــ ـــــ ــــ ــــــ ـــ ــــ ـــــ ــ ـــــــ ـــ ـــــ ـــ ـــــ ــــ ــــــ ـــ ــــ ـــــ ــ ـــــــ ـــ ـــــ ـــ ـــــ ــــ ــــــ ـــ ــــ ـــــ ــ ـــــــ ـــ ـــــ ـــ ـــــ ــــ ــــــ ـــ ــــ ـــــ ــ ـــــــ ـــ ـــــ ـــ ـــــ ــــ ــــــ ـــ ــــ ـــــ ــ ـــــــ ـــ ـــــ ـــ ـــــ ــــ ــــــ ـــ ــــ ـــــ ــ ـــــــ ـــ ـــــ ـــ ـــــ ــــ ــــــ ـــ ــــ ـــــ ــ ـــــــ ـــ ـــــ ـــ ـــــ ــــ ــــــ ـــ ــــ ـــــ ــ ـــــــ ـــ ـــــ ـــ ـــــ ــــ ــــــ ـــ ــــ ـــــ ــ ـــــــ ـــ ـــــ ـــ ـــــ ــــ ــــــ ـــ ــــ ـــــ ــ ـــــــ ـــ ـــــ ـــ ـــــ ــــ ــــــ ـــ ــــ ـــــ ــ ـــــــ ـــ ـــــ
بانو صاحبه زمان صارمی
ـــ ـــــ ــــ ــــــ ـــ ــــ ـــــ ــ ـــــــ ـــ ـــــ ـــ ـــــ ــــ ــــــ ـــ ــــ ـــــ ــ ـــــــ ـــ ـــــ ـــ ـــــ ــــ ــــــ ـــ ــــ ـــــ ــ ـــــــ ـــ ـــــ ـــ ـــــ ــــ ــــــ ـــ ــــ ـــــ ــ ـــــــ ـــ ـــــ ـــ ـــــ ــــ ــــــ ـــ ــــ ـــــ ــ ـــــــ ـــ ـــــ ـــ ـــــ ــــ ــــــ ـــ ــــ ـــــ ــ ـــــــ ـــ ـــــ ـــ ـــــ ــــ ــــــ ـــ ــــ ـــــ ــ ـــــــ ـــ ـــــ ـــ ـــــ ــــ ــــــ ـــ ــــ ـــــ ــ ـــــــ ـــ ـــــ ـــ ـــــ ــــ ــــــ ـــ ــــ ـــــ ــ ـــــــ ـــ ـــــ ـــ ـــــ ــــ ــــــ ـــ ــــ ـــــ ــ ـــــــ ـــ ـــــ ـــ ـــــ ــــ ــــــ ـــ ــــ ـــــ ــ ـــــــ ـــ ـــــ ـــ ـــــ ــــ ــــــ ـــ ــــ ـــــ ــ ـــــــ ـــ ـــــ ـــ ـــــ ــــ ــــــ ـــ ــــ ـــــ ــ ـــــــ ـــ ـــــ ـــ ـــــ ــــ ــــــ ـــ ــــ ـــــ ــ ـــــــ ـــ ـــــ ـــ ـــــ ــــ ــــــ ـــ ــــ ـــــ ــ ـــــــ ـــ ـــــ ـــ ـــــ ــــ ــــــ ـــ ــــ ـــــ ــ ـــــــ ـــ ـــــ
بانوعزت صمصام سوادکوهی
مدیرعامل موسسه استاندارد و تحقیقات صنعتی ایران
ـــ ـــــ ــــ ــــــ ـــ ــــ ـــــ ــ ـــــــ ـــ ـــــ ـــ ـــــ ــــ ــــــ ـــ ــــ ـــــ ــ ـــــــ ـــ ـــــ ـــ ـــــ ــــ ــــــ ـــ ــــ ـــــ ــ ـــــــ ـــ ـــــ ـــ ـــــ ــــ ــــــ ـــ ــــ ـــــ ــ ـــــــ ـــ ـــــ ـــ ـــــ ــــ ــــــ ـــ ــــ ـــــ ــ ـــــــ ـــ ـــــ ـــ ـــــ ــــ ــــــ ـــ ــــ ـــــ ــ ـــــــ ـــ ـــــ ـــ ـــــ ــــ ــــــ ـــ ــــ ـــــ ــ ـــــــ ـــ ـــــ ـــ ـــــ ــــ ــــــ ـــ ــــ ـــــ ــ ـــــــ ـــ ـــــ ـــ ـــــ ــــ ــــــ ـــ ــــ ـــــ ــ ـــــــ ـــ ـــــ ـــ ـــــ ــــ ــــــ ـــ ــــ ـــــ ــ ـــــــ ـــ ـــــ
مهندس شایگان
اندرین کوشه بیاد تو بوادی دارد
ـــ ـــــ ــــ ــــــ ـــ ــــ ـــــ ــ ـــــــ ـــ ـــــ ـــ ـــــ ــــ ــــــ ـــ ــــ ـــــ ــ ـــــــ ـــ ـــــ ـــ ـــــ ــــ ــــــ ـــ ــــ ـــــ ــ ـــــــ ـــ ـــــ ـــ ـــــ ــــ ــــــ ـــ ــــ ـــــ ــ ـــــــ ـــ ـــــ ـــ ـــــ ــــ ــــــ ـــ ــــ ـــــ ــ ـــــــ ـــ ـــــ ـــ ـــــ ــــ ــــــ ـــ ــــ ـــــ ــ ـــــــ ـــ ـــــ ـــ ـــــ ــــ ــــــ ـــ ــــ ـــــ ــ ـــــــ ـــ ـــــ ـــ ـــــ ــــ ــــــ ـــ ــــ ـــــ ــ ـــــــ ـــ ـــــ ـــ ـــــ ــــ ــــــ ـــ ــــ ـــــ ــ ـــــــ ـــ ـــــ ـــ ـــــ ــــ ــــــ ـــ ــــ ـــــ ــ ـــــــ ـــ ـــــ
مادر دلاغدیده - سپهرطوس تقابت - آ -۱۶۷۳۹
سپاسگزاری
ـــ ـــــ ــــ ــــــ ـــ ــــ ـــــ ــ ـــــــ ـــ ـــــ ـــ ـــــ ــــ ــــــ ـــ ــــ ـــــ ــ ـــــــ ـــ ـــــ ـــ ـــــ ــــ ــــــ ـــ ــــ ـــــ ــ ـــــــ ـــ ـــــ ـــ ـــــ ــــ ــــــ ـــ ــــ ـــــ ــ ـــــــ ـــ ـــــ ـــ ـــــ ــــ ــــــ ـــ ــــ ـــــ ــ ـــــــ ـــ ـــــ ـــ ـــــ ــــ ــــــ ـــ ــــ ـــــ ــ ـــــــ ـــ ـــــ ـــ ـــــ ــــ ــــــ ـــ ــــ ـــــ ــ ـــــــ ـــ ـــــ ـــ ـــــ ــــ ــــــ ـــ ــــ ـــــ ــ ـــــــ ـــ ـــــ ـــ ـــــ ــــ ــــــ ـــ ــــ ـــــ ــ ـــــــ ـــ ـــــ ـــ ـــــ ــــ ــــــ ـــ ــــ ـــــ ــ ـــــــ ـــ ـــــ ـــ ـــــ ــــ ــــــ ـــ ــــ ـــــ ــ ـــــــ ـــ ـــــ ـــ ـــــ ــــ ــــــ ـــ ــــ ـــــ ــ ـــــــ ـــ ـــــ ـــ ـــــ ــــ ــــــ ـــ ــــ ـــــ ــ ـــــــ ـــ ـــــ
خانواده های : فتحیان . هوشمند . دلشاد . روغنی
تسلیت
ـــ ـــــ ــــ ــــــ ـــ ــــ ـــــ ــ ـــــــ ـــ ـــــ ـــ ـــــ ــــ ــــــ ـــ ــــ ـــــ ــ ـــــــ ـــ ـــــ ـــ ـــــ ــــ ــــــ ـــ ــــ ـــــ ــ ـــــــ ـــ ـــــ ـــ ـــــ ــــ ــــــ ـــ ــــ ـــــ ــ ـــــــ ـــ ـــــ ـــ ـــــ ــــ ــــــ ـــ ــــ ـــــ ــ ـــــــ ـــ ـــــ
کارمندان نمایشگاه شماره یک کهلر
دانشجوی سال تهیه دانشکده افسری
ـــ ـــــ ــــ ــــــ ـــ ــــ ـــــ ــ ـــــــ ـــ ـــــ ـــ ـــــ ــــ ــــــ ـــ ــــ ـــــ ــ ـــــــ ـــ ـــــ ـــ ـــــ ــــ ــــــ ـــ ــــ ـــــ ــ ـــــــ ـــ ـــــ ـــ ـــــ ــــ ــــــ ـــ ــــ ـــــ ــ ـــــــ ـــ ـــــ ـــ ـــــ ــــ ــــــ ـــ ــــ ـــــ ــ ـــــــ ـــ ـــــ ـــ ـــــ ــــ ــــــ ـــ ــــ ـــــ ــ ـــــــ ـــ ـــــ
سروان ضیائی . ستوان یکم عطائی . ستوان دوم گوهر
سرکارسرهنگ مقربی
ـــ ـــــ ــــ ــــــ ـــ ــــ ـــــ ــ ـــــــ ـــ ـــــ ـــ ـــــ ــــ ــــــ ـــ ــــ ـــــ ــ ـــــــ ـــ ـــــ ـــ ـــــ ــــ ــــــ ـــ ــــ ـــــ ــ ـــــــ ـــ ـــــ ـــ ـــــ ــــ ــــــ ـــ ــــ ـــــ ــ ـــــــ ـــ ـــــ ـــ ـــــ ــــ ــــــ ـــ ــــ ـــــ ــ ـــــــ ـــ ـــــ
سرلشگر تابیدی
تیمسارسپهبد کاتوزیان
ـــ ـــــ ــــ ــــــ ـــ ــــ ـــــ ــ ـــــــ ـــ ـــــ ـــ ـــــ ــــ ــــــ ـــ ــــ ـــــ ــ ـــــــ ـــ ـــــ ـــ ـــــ ــــ ــــــ ـــ ــــ ـــــ ــ ـــــــ ـــ ـــــ ـــ ـــــ ــــ ــــــ ـــ ــــ ـــــ ــ ـــــــ ـــ ـــــ ـــ ـــــ ــــ ــــــ ـــ ــــ ـــــ ــ ـــــــ ـــ ـــــ ـــ ـــــ ــــ ــــــ ـــ ــــ ـــــ ــ ـــــــ ـــ ـــــ
آبادان - سرهنگ ستاد حبیب‌الله تاج‌بخش
جناب آقای دکتر ادوارد وارطانی
ـــ ـــــ ــــ ــــــ ـــ ــــ ـــــ ــ ـــــــ ـــ ـــــ ـــ ـــــ ــــ ــــــ ـــ ــــ ـــــ ــ ـــــــ ـــ ـــــ ـــ ـــــ ــــ ــــــ ـــ ــــ ـــــ ــ ـــــــ ـــ ـــــ ـــ ـــــ ــــ ــــــ ـــ ــــ ـــــ ــ ـــــــ ـــ ـــــ ـــ ـــــ ــــ ــــــ ـــ ــــ ـــــ ــ ـــــــ ـــ ـــــ ـــ ـــــ ــــ ــــــ ـــ ــــ ـــــ ــ ـــــــ ـــ ـــــ
هیئت‌اجرائیه فارغ‌التحصیلان‌سال ۳۳ دانشکده پزشکی تهران
دوست عزیز آقای مهندس دبرت‌وارطانی
ـــ ـــــ ــــ ــــــ ـــ ــــ ـــــ ــ ـــــــ ـــ ـــــ ـــ ـــــ ــــ ــــــ ـــ ــــ ـــــ ــ ـــــــ ـــ ـــــ ـــ ـــــ ــــ ــــــ ـــ ــــ ـــــ ــ ـــــــ ـــ ـــــ ـــ ـــــ ــــ ــــــ ـــ ــــ ـــــ ــ ـــــــ ـــ ـــــ ـــ ـــــ ــــ ــــــ ـــ ــــ ـــــ ــ ـــــــ ـــ ـــــ ـــ ـــــ ــــ ــــــ ـــ ــــ ـــــ ــ ـــــــ ـــ ـــــ
مصطفی جلیلی . مرتضی جاللشکر . عبدالحسین
ـــ ـــــ ــــ ــــــ ـــ ــــ ـــــ ــ ـــــــ ـــ ـــــ ـــ ـــــ ــــ ــــــ ـــ ــــ ـــــ ــ ـــــــ ـــ ـــــ ـــ ـــــ ــــ ــــــ ـــ ــــ ـــــ ــ ـــــــ ـــ ـــــ ـــ ـــــ ــــ ــــــ ـــ ــــ ـــــ ــ ـــــــ ـــ ـــــ ـــ ـــــ ــــ ــــــ ـــ ــــ ـــــ ــ ـــــــ ـــ ـــــ
رضا شاهکیبیر
جناب آقای حسن تهرانی وکیل محترم دادگستری
ـــ ـــــ ــــ ــــــ ـــ ــــ ـــــ ــ ـــــــ ـــ ـــــ ـــ ـــــ ــــ ــــــ ـــ ــــ ـــــ ــ ـــــــ ـــ ـــــ ـــ ـــــ ــــ ــــــ ـــ ــــ ـــــ ــ ـــــــ ـــ ـــــ ـــ ـــــ ــــ ــــــ ـــ ــــ ـــــ ــ ـــــــ ـــ ـــــ ـــ ـــــ ــــ ــــــ ـــ ــــ ـــــ ــ ـــــــ ـــ ـــــ ـــ ـــــ ــــ ــــــ ـــ ــــ ـــــ ــ ـــــــ ـــ ـــــ
دکترمظفر حسنشاهی . محمود تحریریان . علی‌لقائی
ـــ ـــــ ــــ ــــــ ـــ ــــ ـــــ ــ ـــــــ ـــ ـــــ ـــ ـــــ ــــ ــــــ ـــ ــــ ـــــ ــ ـــــــ ـــ ـــــ ـــ ـــــ ــــ ــــــ ـــ ــــ ـــــ ــ ـــــــ ـــ ـــــ ـــ ـــــ ــــ ــــــ ـــ ــــ ـــــ ــ ـــــــ ـــ ـــــ ـــ ـــــ ــــ ــــــ ـــ ــــ ـــــ ــ ـــــــ ـــ ـــــ
سرهنگ کمنلو . ابراهیم خانگیاه خان مقدم
جناب آقای جعفر نرگسی ریاست اداره بودجه وقائم مقام مدیریت کل مالی
ـــ ـــــ ــــ ــــــ ـــ ــــ ـــــ ــ ـــــــ ـــ ـــــ ـــ ـــــ ــــ ــــــ ـــ ــــ ـــــ ــ ـــــــ ـــ ـــــ ـــ ـــــ ــــ ــــــ ـــ ــــ ـــــ ــ ـــــــ ـــ ـــــ ـــ ـــــ ــــ ــــــ ـــ ــــ ـــــ ــ ـــــــ ـــ ـــــ ـــ ـــــ ــــ ــــــ ـــ ــــ ـــــ ــ ـــــــ ـــ ـــــ ـــ ـــــ ــــ ــــــ ـــ ــــ ـــــ ــ ـــــــ ـــ ـــــ
مدیر موسسه انحصار دخانیات استان کردستان . جزایری
ـــ ـــــ ــــ ــــــ ـــ ــــ ـــــ ــ ـــــــ ـــ ـــــ ـــ ـــــ ــــ ــــــ ـــ ــــ ـــــ ــ ـــــــ ـــ ـــــ ـــ ـــــ ــــ ــــــ ـــ ــــ ـــــ ــ ـــــــ ـــ ـــــ ـــ ـــــ ــــ ــــــ ـــ ــــ ـــــ ــ ـــــــ ـــ ـــــ ـــ ـــــ ــــ ــــــ ـــ ــــ ـــــ ــ ـــــــ ـــ ـــــ
سرلشگر قاسم خزاعی
جناب آقای دکتر اورندی معاونت محترم اداره‌کل دامپزشکی
ـــ ـــــ ــــ ــــــ ـــ ــــ ـــــ ــ ـــــــ ـــ ـــــ ـــ ـــــ ــــ ــــــ ـــ ــــ ـــــ ــ ـــــــ ـــ ـــــ ـــ ـــــ ــــ ــــــ ـــ ــــ ـــــ ــ ـــــــ ـــ ـــــ ـــ ـــــ ــــ ــــــ ـــ ــــ ـــــ ــ ـــــــ ـــ ـــــ ـــ ـــــ ــــ ــــــ ـــ ــــ ـــــ ــ ـــــــ ـــ ـــــ ـــ ـــــ ــــ ــــــ ـــ ــــ ـــــ ــ ـــــــ ـــ ـــــ
دکتر مواجی . دکتر توصیف
گروهان چهارم تهیه دانشجویان دانشکده افسری
ـــ ـــــ ــــ ــــــ ـــ ــــ ـــــ ــ ـــــــ ـــ ـــــ ـــ ـــــ ــــ ــــــ ـــ ــــ ـــــ ــ ـــــــ ـــ ـــــ ـــ ـــــ ــــ ــــــ ـــ ــــ ـــــ ــ ـــــــ ـــ ـــــ ـــ ـــــ ــــ ــــــ ـــ ــــ ـــــ ــ ـــــــ ـــ ـــــ ـــ ـــــ ــــ ــــــ ـــ ــــ ـــــ ــ ـــــــ ـــ ـــــ
جناب آقای دکتر شوشتری معاون محترم بهداری استان مرکز
ـــ ـــــ ــــ ــــــ ـــ ــــ ـــــ ــ ـــــــ ـــ ـــــ ـــ ـــــ ــــ ــــــ ـــ ــــ ـــــ ــ ـــــــ ـــ ـــــ ـــ ـــــ ــــ ــــــ ـــ ــــ ـــــ ــ ـــــــ ـــ ـــــ ـــ ـــــ ــــ ــــــ ـــ ــــ ـــــ ــ ـــــــ ـــ ـــــ ـــ ـــــ ــــ ــــــ ـــ ــــ ـــــ ــ ـــــــ ـــ ـــــ
قزوین . دکتر سید ابوالفضل وجدانی
همکار محترم سرکار خانم محلوجیان (بهرام)
ـــ ـــــ ــــ ــــــ ـــ ــــ ـــــ ــ ـــــــ ـــ ـــــ ـــ ـــــ ــــ ــــــ ـــ ــــ ـــــ ــ ـــــــ ـــ ـــــ ـــ ـــــ ــــ ــــــ ـــ ــــ ـــــ ــ ـــــــ ـــ ـــــ ـــ ـــــ ــــ ــــــ ـــ ــــ ـــــ ــ ـــــــ ـــ ـــــ ـــ ـــــ ــــ ــــــ ـــ ــــ ـــــ ــ ـــــــ ـــ ـــــ
رئیس دبیرستان گوهرشاد . مهین مهرپویان
